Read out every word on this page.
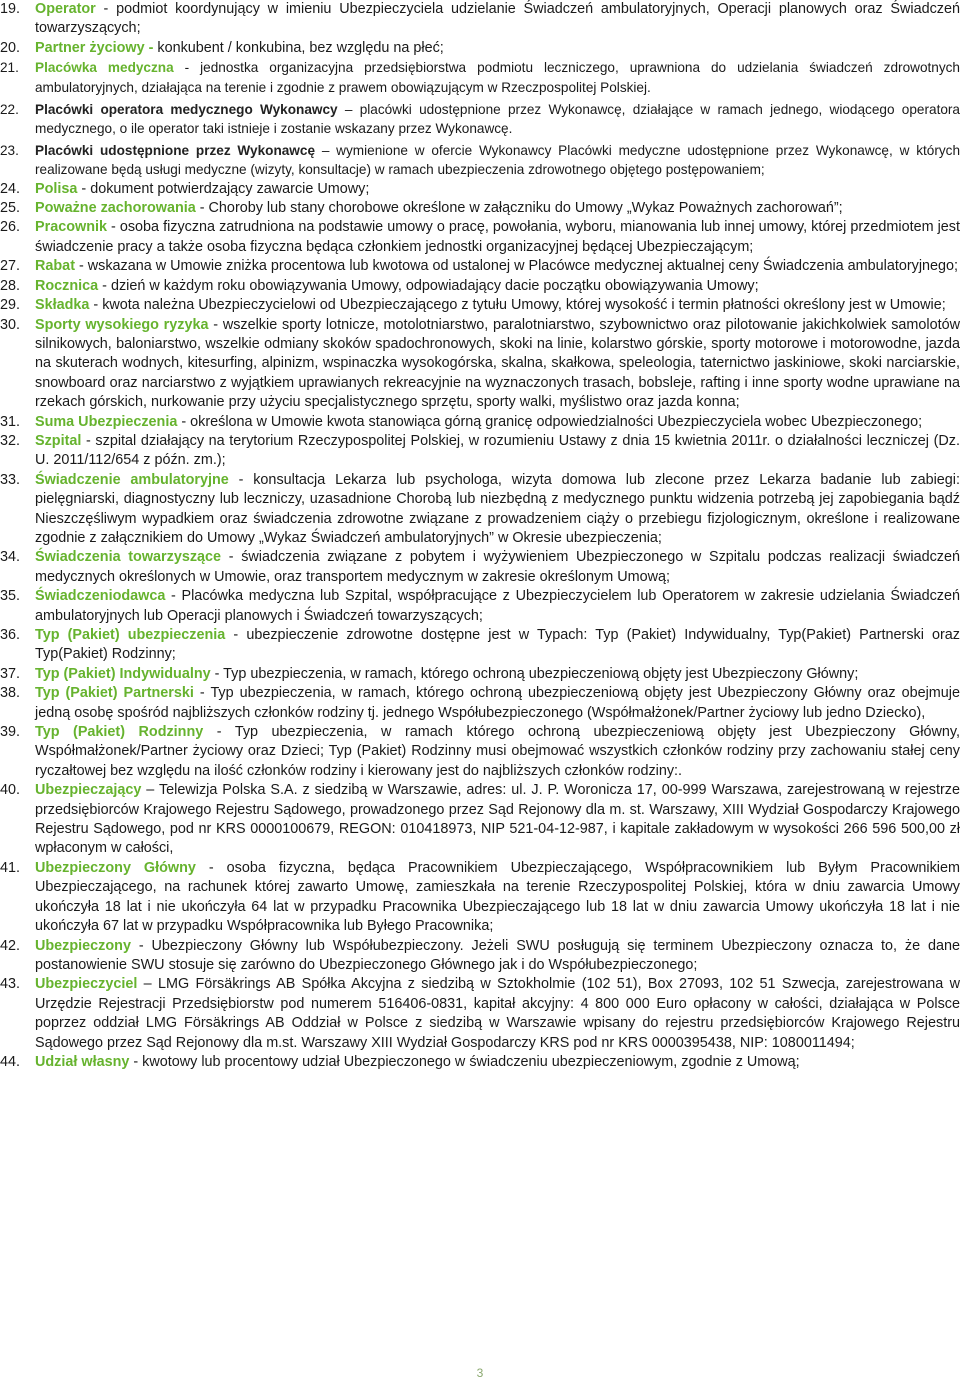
19.	Operator - podmiot koordynujący w imieniu Ubezpieczyciela udzielanie Świadczeń ambulatoryjnych, Operacji planowych oraz Świadczeń towarzyszących;
20.	Partner życiowy - konkubent / konkubina, bez względu na płeć;
21.	Placówka medyczna - jednostka organizacyjna przedsiębiorstwa podmiotu leczniczego, uprawniona do udzielania świadczeń zdrowotnych ambulatoryjnych, działająca na terenie i zgodnie z prawem obowiązującym w Rzeczpospolitej Polskiej.
22.	Placówki operatora medycznego Wykonawcy – placówki udostępnione przez Wykonawcę, działające w ramach jednego, wiodącego operatora medycznego, o ile operator taki istnieje i zostanie wskazany przez Wykonawcę.
23.	Placówki udostępnione przez Wykonawcę – wymienione w ofercie Wykonawcy Placówki medyczne udostępnione przez Wykonawcę, w których realizowane będą usługi medyczne (wizyty, konsultacje) w ramach ubezpieczenia zdrowotnego objętego postępowaniem;
24.	Polisa - dokument potwierdzający zawarcie Umowy;
25.	Poważne zachorowania - Choroby lub stany chorobowe określone w załączniku do Umowy „Wykaz Poważnych zachorowań”;
26.	Pracownik - osoba fizyczna zatrudniona na podstawie umowy o pracę, powołania, wyboru, mianowania lub innej umowy, której przedmiotem jest świadczenie pracy a także osoba fizyczna będąca członkiem jednostki organizacyjnej będącej Ubezpieczającym;
27.	Rabat - wskazana w Umowie zniżka procentowa lub kwotowa od ustalonej w Placówce medycznej aktualnej ceny Świadczenia ambulatoryjnego;
28.	Rocznica - dzień w każdym roku obowiązywania Umowy, odpowiadający dacie początku obowiązywania Umowy;
29.	Składka - kwota należna Ubezpieczycielowi od Ubezpieczającego z tytułu Umowy, której wysokość i termin płatności określony jest w Umowie;
30.	Sporty wysokiego ryzyka - wszelkie sporty lotnicze, motolotniarstwo, paralotniarstwo, szybownictwo oraz pilotowanie jakichkolwiek samolotów silnikowych, baloniarstwo, wszelkie odmiany skoków spadochronowych, skoki na linie, kolarstwo górskie, sporty motorowe i motorowodne, jazda na skuterach wodnych, kitesurfing, alpinizm, wspinaczka wysokogórska, skalna, skałkowa, speleologia, taternictwo jaskiniowe, skoki narciarskie, snowboard oraz narciarstwo z wyjątkiem uprawianych rekreacyjnie na wyznaczonych trasach, bobsleje, rafting i inne sporty wodne uprawiane na rzekach górskich, nurkowanie przy użyciu specjalistycznego sprzętu, sporty walki, myślistwo oraz jazda konna;
31.	Suma Ubezpieczenia - określona w Umowie kwota stanowiąca górną granicę odpowiedzialności Ubezpieczyciela wobec Ubezpieczonego;
32.	Szpital - szpital działający na terytorium Rzeczypospolitej Polskiej, w rozumieniu Ustawy z dnia 15 kwietnia 2011r. o działalności leczniczej (Dz. U. 2011/112/654 z późn. zm.);
33.	Świadczenie ambulatoryjne - konsultacja Lekarza lub psychologa, wizyta domowa lub zlecone przez Lekarza badanie lub zabiegi: pielęgniarski, diagnostyczny lub leczniczy, uzasadnione Chorobą lub niezbędną z medycznego punktu widzenia potrzebą jej zapobiegania bądź Nieszczęśliwym wypadkiem oraz świadczenia zdrowotne związane z prowadzeniem ciąży o przebiegu fizjologicznym, określone i realizowane zgodnie z załącznikiem do Umowy „Wykaz Świadczeń ambulatoryjnych” w Okresie ubezpieczenia;
34.	Świadczenia towarzyszące - świadczenia związane z pobytem i wyżywieniem Ubezpieczonego w Szpitalu podczas realizacji świadczeń medycznych określonych w Umowie, oraz transportem medycznym w zakresie określonym Umową;
35.	Świadczeniodawca - Placówka medyczna lub Szpital, współpracujące z Ubezpieczycielem lub Operatorem w zakresie udzielania Świadczeń ambulatoryjnych lub Operacji planowych i Świadczeń towarzyszących;
36.	Typ (Pakiet) ubezpieczenia - ubezpieczenie zdrowotne dostępne jest w Typach: Typ (Pakiet) Indywidualny, Typ(Pakiet) Partnerski oraz Typ(Pakiet) Rodzinny;
37.	Typ (Pakiet) Indywidualny - Typ ubezpieczenia, w ramach, którego ochroną ubezpieczeniową objęty jest Ubezpieczony Główny;
38.	Typ (Pakiet) Partnerski - Typ ubezpieczenia, w ramach, którego ochroną ubezpieczeniową objęty jest Ubezpieczony Główny oraz obejmuje jedną osobę spośród najbliższych członków rodziny tj. jednego Współubezpieczonego (Współmałżonek/Partner życiowy lub jedno Dziecko),
39.	Typ (Pakiet) Rodzinny - Typ ubezpieczenia, w ramach którego ochroną ubezpieczeniową objęty jest Ubezpieczony Główny, Współmałżonek/Partner życiowy oraz Dzieci; Typ (Pakiet) Rodzinny musi obejmować wszystkich członków rodziny przy zachowaniu stałej ceny ryczałtowej bez względu na ilość członków rodziny i kierowany jest do najbliższych członków rodziny:.
40.	Ubezpieczający – Telewizja Polska S.A. z siedzibą w Warszawie, adres: ul. J. P. Woronicza 17, 00-999 Warszawa, zarejestrowaną w rejestrze przedsiębiorców Krajowego Rejestru Sądowego, prowadzonego przez Sąd Rejonowy dla m. st. Warszawy, XIII Wydział Gospodarczy Krajowego Rejestru Sądowego, pod nr KRS 0000100679, REGON: 010418973, NIP 521-04-12-987, i kapitale zakładowym w wysokości 266 596 500,00 zł wpłaconym w całości,
41.	Ubezpieczony Główny - osoba fizyczna, będąca Pracownikiem Ubezpieczającego, Współpracownikiem lub Byłym Pracownikiem Ubezpieczającego, na rachunek której zawarto Umowę, zamieszkała na terenie Rzeczypospolitej Polskiej, która w dniu zawarcia Umowy ukończyła 18 lat i nie ukończyła 64 lat w przypadku Pracownika Ubezpieczającego lub 18 lat w dniu zawarcia Umowy ukończyła 18 lat i nie ukończyła 67 lat w przypadku Współpracownika lub Byłego Pracownika;
42.	Ubezpieczony - Ubezpieczony Główny lub Współubezpieczony. Jeżeli SWU posługują się terminem Ubezpieczony oznacza to, że dane postanowienie SWU stosuje się zarówno do Ubezpieczonego Głównego jak i do Współubezpieczonego;
43.	Ubezpieczyciel – LMG Försäkrings AB Spółka Akcyjna z siedzibą w Sztokholmie (102 51), Box 27093, 102 51 Szwecja, zarejestrowana w Urzędzie Rejestracji Przedsiębiorstw pod numerem 516406-0831, kapitał akcyjny: 4 800 000 Euro opłacony w całości, działająca w Polsce poprzez oddział LMG Försäkrings AB Oddział w Polsce z siedzibą w Warszawie wpisany do rejestru przedsiębiorców Krajowego Rejestru Sądowego przez Sąd Rejonowy dla m.st. Warszawy XIII Wydział Gospodarczy KRS pod nr KRS 0000395438, NIP: 1080011494;
44.	Udział własny - kwotowy lub procentowy udział Ubezpieczonego w świadczeniu ubezpieczeniowym, zgodnie z Umową;
3
